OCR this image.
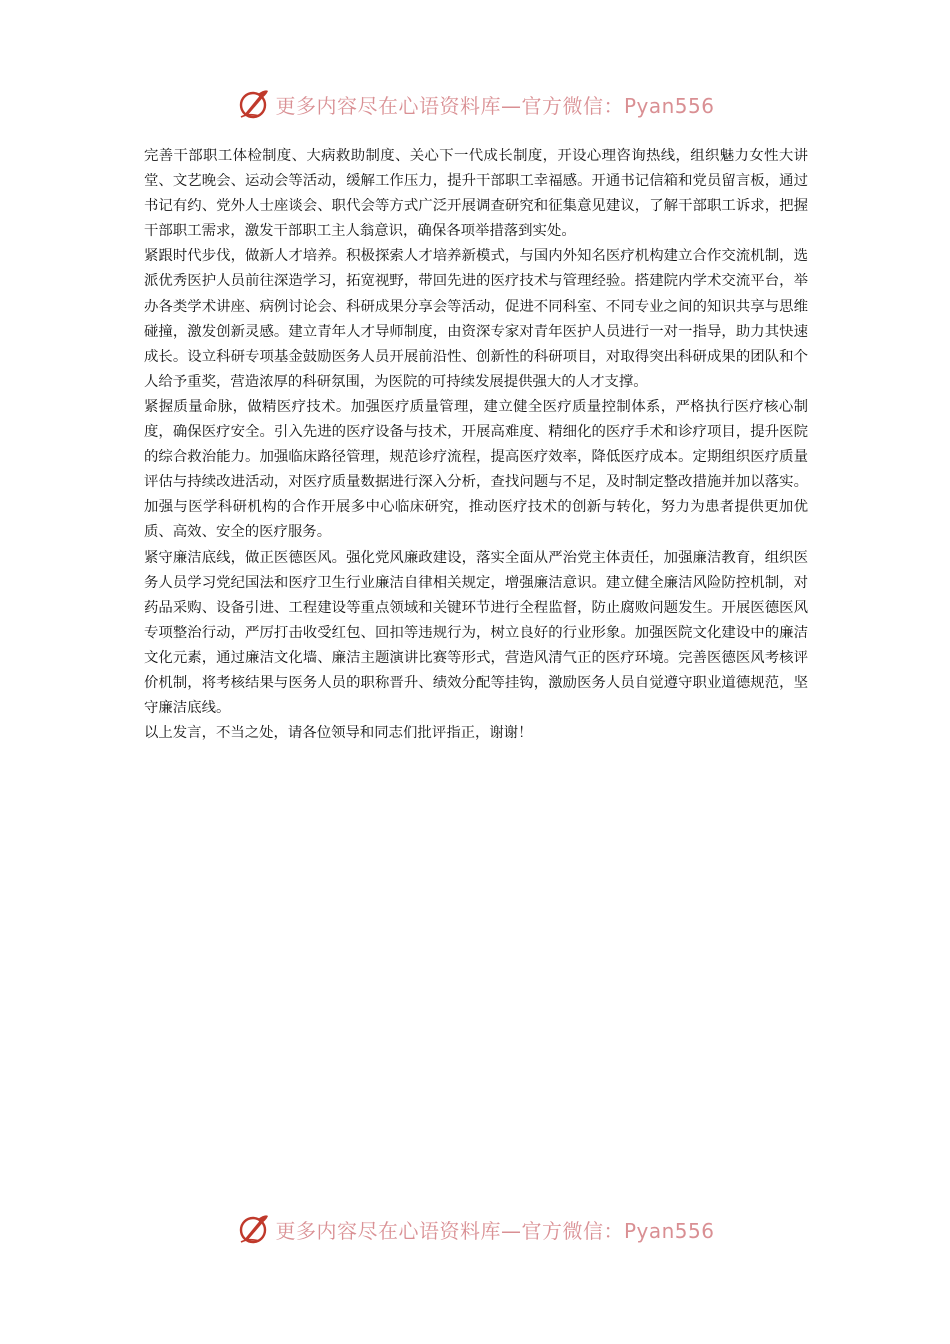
更多内容尽在心语资料库—官方微信：Pyan556

完善干部职工体检制度、大病救助制度、关心下一代成长制度，开设心理咨询热线，组织魅力女性大讲堂、文艺晚会、运动会等活动，缓解工作压力，提升干部职工幸福感。开通书记信箱和党员留言板，通过书记有约、党外人士座谈会、职代会等方式广泛开展调查研究和征集意见建议，了解干部职工诉求，把握干部职工需求，激发干部职工主人翁意识，确保各项举措落到实处。

紧跟时代步伐，做新人才培养。积极探索人才培养新模式，与国内外知名医疗机构建立合作交流机制，选派优秀医护人员前往深造学习，拓宽视野，带回先进的医疗技术与管理经验。搭建院内学术交流平台，举办各类学术讲座、病例讨论会、科研成果分享会等活动，促进不同科室、不同专业之间的知识共享与思维碰撞，激发创新灵感。建立青年人才导师制度，由资深专家对青年医护人员进行一对一指导，助力其快速成长。设立科研专项基金鼓励医务人员开展前沿性、创新性的科研项目，对取得突出科研成果的团队和个人给予重奖，营造浓厚的科研氛围，为医院的可持续发展提供强大的人才支撑。

紧握质量命脉，做精医疗技术。加强医疗质量管理，建立健全医疗质量控制体系，严格执行医疗核心制度，确保医疗安全。引入先进的医疗设备与技术，开展高难度、精细化的医疗手术和诊疗项目，提升医院的综合救治能力。加强临床路径管理，规范诊疗流程，提高医疗效率，降低医疗成本。定期组织医疗质量评估与持续改进活动，对医疗质量数据进行深入分析，查找问题与不足，及时制定整改措施并加以落实。加强与医学科研机构的合作开展多中心临床研究，推动医疗技术的创新与转化，努力为患者提供更加优质、高效、安全的医疗服务。

紧守廉洁底线，做正医德医风。强化党风廉政建设，落实全面从严治党主体责任，加强廉洁教育，组织医务人员学习党纪国法和医疗卫生行业廉洁自律相关规定，增强廉洁意识。建立健全廉洁风险防控机制，对药品采购、设备引进、工程建设等重点领域和关键环节进行全程监督，防止腐败问题发生。开展医德医风专项整治行动，严厉打击收受红包、回扣等违规行为，树立良好的行业形象。加强医院文化建设中的廉洁文化元素，通过廉洁文化墙、廉洁主题演讲比赛等形式，营造风清气正的医疗环境。完善医德医风考核评价机制，将考核结果与医务人员的职称晋升、绩效分配等挂钩，激励医务人员自觉遵守职业道德规范，坚守廉洁底线。

以上发言，不当之处，请各位领导和同志们批评指正，谢谢！

更多内容尽在心语资料库—官方微信：Pyan556
